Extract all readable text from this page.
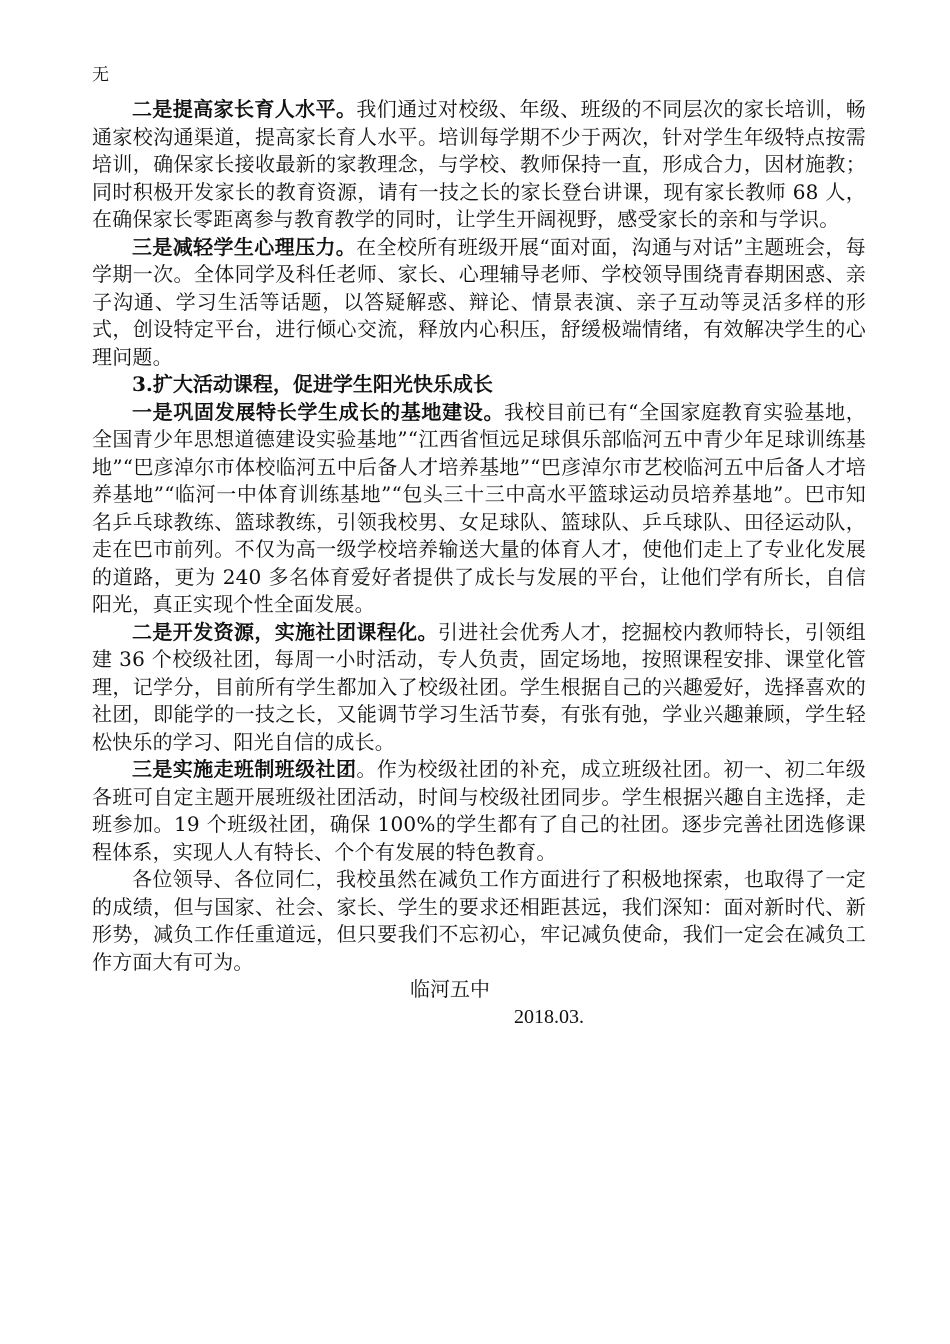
无

二是提高家长育人水平。我们通过对校级、年级、班级的不同层次的家长培训，畅通家校沟通渠道，提高家长育人水平。培训每学期不少于两次，针对学生年级特点按需培训，确保家长接收最新的家教理念，与学校、教师保持一直，形成合力，因材施教；同时积极开发家长的教育资源，请有一技之长的家长登台讲课，现有家长教师 68 人，在确保家长零距离参与教育教学的同时，让学生开阔视野，感受家长的亲和与学识。

三是减轻学生心理压力。在全校所有班级开展“面对面，沟通与对话”主题班会，每学期一次。全体同学及科任老师、家长、心理辅导老师、学校领导围绕青春期困惑、亲子沟通、学习生活等话题，以答疑解惑、辩论、情景表演、亲子互动等灵活多样的形式，创设特定平台，进行倾心交流，释放内心积压，舒缓极端情绪，有效解决学生的心理问题。

3.扩大活动课程，促进学生阳光快乐成长

一是巩固发展特长学生成长的基地建设。我校目前已有“全国家庭教育实验基地，全国青少年思想道德建设实验基地”“江西省恒远足球俱乐部临河五中青少年足球训练基地”“巴彦淖尔市体校临河五中后备人才培养基地”“巴彦淖尔市艺校临河五中后备人才培养基地”“临河一中体育训练基地”“包头三十三中高水平篮球运动员培养基地”。巴市知名乒乓球教练、篮球教练，引领我校男、女足球队、篮球队、乒乓球队、田径运动队，走在巴市前列。不仅为高一级学校培养输送大量的体育人才，使他们走上了专业化发展的道路，更为 240 多名体育爱好者提供了成长与发展的平台，让他们学有所长，自信阳光，真正实现个性全面发展。

二是开发资源，实施社团课程化。引进社会优秀人才，挖掘校内教师特长，引领组建 36 个校级社团，每周一小时活动，专人负责，固定场地，按照课程安排、课堂化管理，记学分，目前所有学生都加入了校级社团。学生根据自己的兴趣爱好，选择喜欢的社团，即能学的一技之长，又能调节学习生活节奏，有张有弛，学业兴趣兼顾，学生轻松快乐的学习、阳光自信的成长。

三是实施走班制班级社团。作为校级社团的补充，成立班级社团。初一、初二年级各班可自定主题开展班级社团活动，时间与校级社团同步。学生根据兴趣自主选择，走班参加。19 个班级社团，确保 100%的学生都有了自己的社团。逐步完善社团选修课程体系，实现人人有特长、个个有发展的特色教育。

各位领导、各位同仁，我校虽然在减负工作方面进行了积极地探索，也取得了一定的成绩，但与国家、社会、家长、学生的要求还相距甚远，我们深知：面对新时代、新形势，减负工作任重道远，但只要我们不忘初心，牢记减负使命，我们一定会在减负工作方面大有可为。

临河五中

2018.03.
